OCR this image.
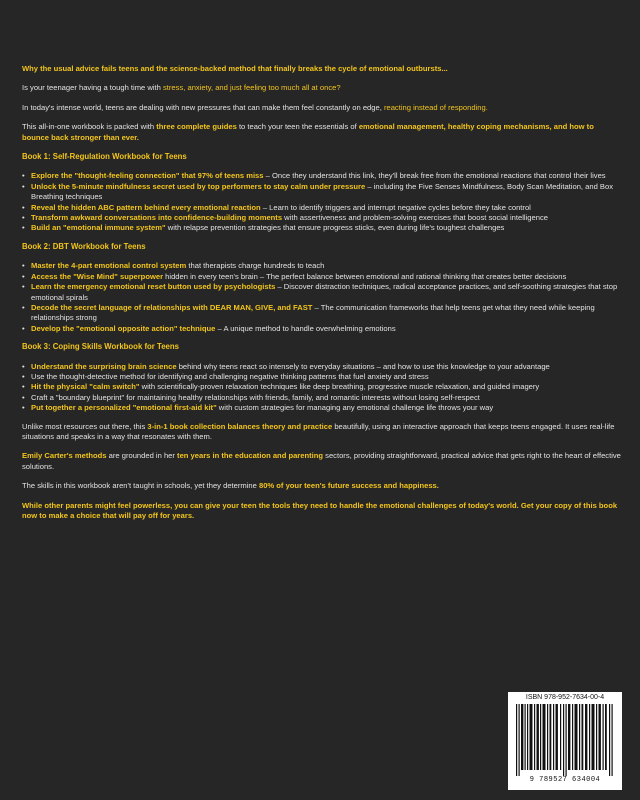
Why the usual advice fails teens and the science-backed method that finally breaks the cycle of emotional outbursts...

Is your teenager having a tough time with stress, anxiety, and just feeling too much all at once?

In today's intense world, teens are dealing with new pressures that can make them feel constantly on edge, reacting instead of responding.

This all-in-one workbook is packed with three complete guides to teach your teen the essentials of emotional management, healthy coping mechanisms, and how to bounce back stronger than ever.

Book 1: Self-Regulation Workbook for Teens
• Explore the "thought-feeling connection" that 97% of teens miss – Once they understand this link, they'll break free from the emotional reactions that control their lives
• Unlock the 5-minute mindfulness secret used by top performers to stay calm under pressure – including the Five Senses Mindfulness, Body Scan Meditation, and Box Breathing techniques
• Reveal the hidden ABC pattern behind every emotional reaction – Learn to identify triggers and interrupt negative cycles before they take control
• Transform awkward conversations into confidence-building moments with assertiveness and problem-solving exercises that boost social intelligence
• Build an "emotional immune system" with relapse prevention strategies that ensure progress sticks, even during life's toughest challenges
Book 2: DBT Workbook for Teens
• Master the 4-part emotional control system that therapists charge hundreds to teach
• Access the "Wise Mind" superpower hidden in every teen's brain – The perfect balance between emotional and rational thinking that creates better decisions
• Learn the emergency emotional reset button used by psychologists – Discover distraction techniques, radical acceptance practices, and self-soothing strategies that stop emotional spirals
• Decode the secret language of relationships with DEAR MAN, GIVE, and FAST – The communication frameworks that help teens get what they need while keeping relationships strong
• Develop the "emotional opposite action" technique – A unique method to handle overwhelming emotions
Book 3: Coping Skills Workbook for Teens
• Understand the surprising brain science behind why teens react so intensely to everyday situations – and how to use this knowledge to your advantage
• Use the thought-detective method for identifying and challenging negative thinking patterns that fuel anxiety and stress
• Hit the physical "calm switch" with scientifically-proven relaxation techniques like deep breathing, progressive muscle relaxation, and guided imagery
• Craft a "boundary blueprint" for maintaining healthy relationships with friends, family, and romantic interests without losing self-respect
• Put together a personalized "emotional first-aid kit" with custom strategies for managing any emotional challenge life throws your way

Unlike most resources out there, this 3-in-1 book collection balances theory and practice beautifully, using an interactive approach that keeps teens engaged. It uses real-life situations and speaks in a way that resonates with them.

Emily Carter's methods are grounded in her ten years in the education and parenting sectors, providing straightforward, practical advice that gets right to the heart of effective solutions.

The skills in this workbook aren't taught in schools, yet they determine 80% of your teen's future success and happiness.

While other parents might feel powerless, you can give your teen the tools they need to handle the emotional challenges of today's world. Get your copy of this book now to make a choice that will pay off for years.

ISBN 978-952-7634-00-4
9 789527 634004
